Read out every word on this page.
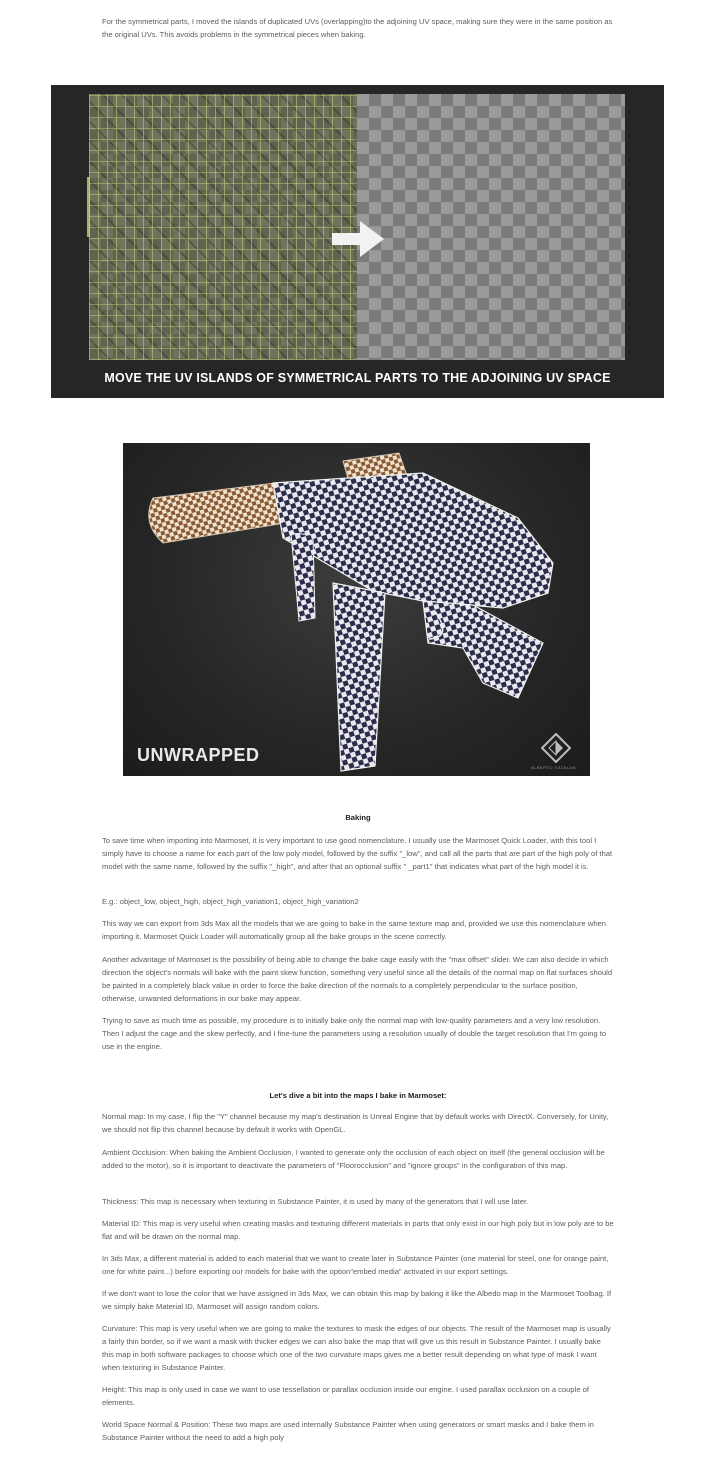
For the symmetrical parts, I moved the islands of duplicated UVs (overlapping)to the adjoining UV space, making sure they were in the same position as the original UVs. This avoids problems in the symmetrical pieces when baking.

MOVE THE UV ISLANDS OF SYMMETRICAL PARTS TO THE ADJOINING UV SPACE
UNWRAPPED
ALBERTO CATALAN
Baking

To save time when importing into Marmoset, it is very important to use good nomenclature. I usually use the Marmoset Quick Loader, with this tool I simply have to choose a name for each part of the low poly model, followed by the suffix "_low", and call all the parts that are part of the high poly of that model with the same name, followed by the suffix "_high", and after that an optional suffix " _part1" that indicates what part of the high model it is.

E.g.: object_low, object_high, object_high_variation1, object_high_variation2

This way we can export from 3ds Max all the models that we are going to bake in the same texture map and, provided we use this nomenclature when importing it, Marmoset Quick Loader will automatically group all the bake groups in the scene correctly.

Another advantage of Marmoset is the possibility of being able to change the bake cage easily with the "max offset" slider. We can also decide in which direction the object's normals will bake with the paint skew function, something very useful since all the details of the normal map on flat surfaces should be painted in a completely black value in order to force the bake direction of the normals to a completely perpendicular to the surface position, otherwise, unwanted deformations in our bake may appear.

Trying to save as much time as possible, my procedure is to initially bake only the normal map with low-quality parameters and a very low resolution. Then I adjust the cage and the skew perfectly, and I fine-tune the parameters using a resolution usually of double the target resolution that I'm going to use in the engine.

Let's dive a bit into the maps I bake in Marmoset:

Normal map: In my case, I flip the "Y" channel because my map's destination is Unreal Engine that by default works with DirectX. Conversely, for Unity, we should not flip this channel because by default it works with OpenGL.

Ambient Occlusion: When baking the Ambient Occlusion, I wanted to generate only the occlusion of each object on itself (the general occlusion will be added to the motor), so it is important to deactivate the parameters of "Floorocclusion" and "ignore groups" in the configuration of this map.

Thickness: This map is necessary when texturing in Substance Painter, it is used by many of the generators that I will use later.

Material ID: This map is very useful when creating masks and texturing different materials in parts that only exist in our high poly but in low poly are to be flat and will be drawn on the normal map.

In 3ds Max, a different material is added to each material that we want to create later in Substance Painter (one material for steel, one for orange paint, one for white paint...) before exporting our models for bake with the option"embed media" activated in our export settings.

If we don't want to lose the color that we have assigned in 3ds Max, we can obtain this map by baking it like the Albedo map in the Marmoset Toolbag. If we simply bake Material ID, Marmoset will assign random colors.

Curvature: This map is very useful when we are going to make the textures to mask the edges of our objects. The result of the Marmoset map is usually a fairly thin border, so if we want a mask with thicker edges we can also bake the map that will give us this result in Substance Painter. I usually bake this map in both software packages to choose which one of the two curvature maps gives me a better result depending on what type of mask I want when texturing in Substance Painter.

Height: This map is only used in case we want to use tessellation or parallax occlusion inside our engine. I used parallax occlusion on a couple of elements.

World Space Normal & Position: These two maps are used internally Substance Painter when using generators or smart masks and I bake them in Substance Painter without the need to add a high poly
